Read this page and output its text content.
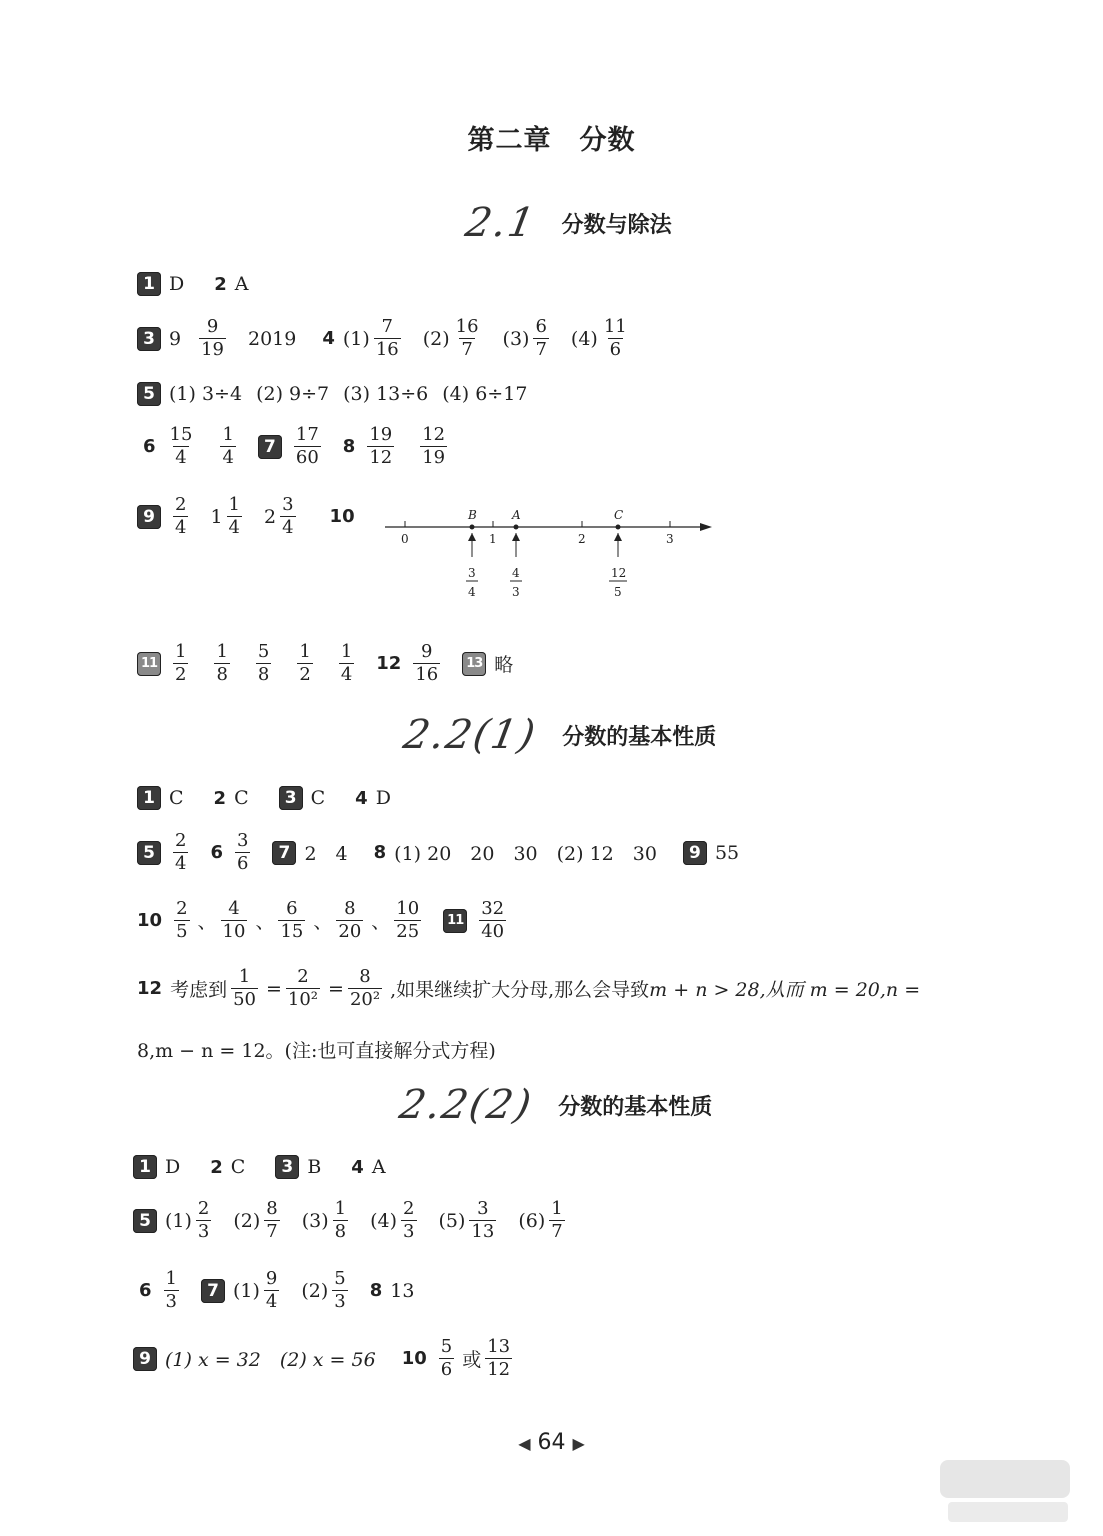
第二章　分数
2.1 分数与除法
1 D 2 A
3 $9 \frac{9}{19} 2019$ 4 $(1) \frac{7}{16} (2) \frac{16}{7} (3) \frac{6}{7} (4) \frac{11}{6}$
5 (1) 3÷4 (2) 9÷7 (3) 13÷6 (4) 6÷17
$6 \frac{15}{4} \frac{1}{4}$	7	$\frac{17}{60} 8 \frac{19}{12} \frac{12}{19}$
9	$\frac{2}{4} 1 \frac{1}{4} 2 \frac{3}{4} 10$
0	1	2	3
B	A	C
3
4
4
3
12
5
$11 \frac{1}{2} \frac{1}{8} \frac{5}{8} \frac{1}{2} \frac{1}{4} 12 \frac{9}{16}$	13 略
2.2(1) 分数的基本性质
1 C 2 C	3 C 4 D
5	$\frac{2}{4} 6 \frac{3}{6}$	7 2　4 8 (1) 20　20　30　(2) 12　30	9 55
$10 \frac{2}{5}$ 、 $\frac{4}{10}$ 、 $\frac{6}{15}$ 、 $\frac{8}{20}$ 、 $\frac{10}{25}$	$11 \frac{32}{40}$
12 考虑到 $\frac{1}{50} = \frac{2}{\text{10²}} = \frac{8}{\text{20²}}$ ,如果继续扩大分母,那么会导致 m + n > 28,从而 m = 20,n =
8,m − n = 12。(注:也可直接解分式方程)
2.2(2) 分数的基本性质
1 D 2 C	3 B 4 A
5 $(1) \frac{2}{3} (2) \frac{8}{7} (3) \frac{1}{8} (4) \frac{2}{3} (5) \frac{3}{13} (6) \frac{1}{7}$
$6 \frac{1}{3}$	7 $(1) \frac{9}{4} (2) \frac{5}{3} 8$ 13
9 (1) x = 32　(2) x = 56 $10 \frac{5}{6}$ 或 $\frac{13}{12}$
◀ 64 ▶
